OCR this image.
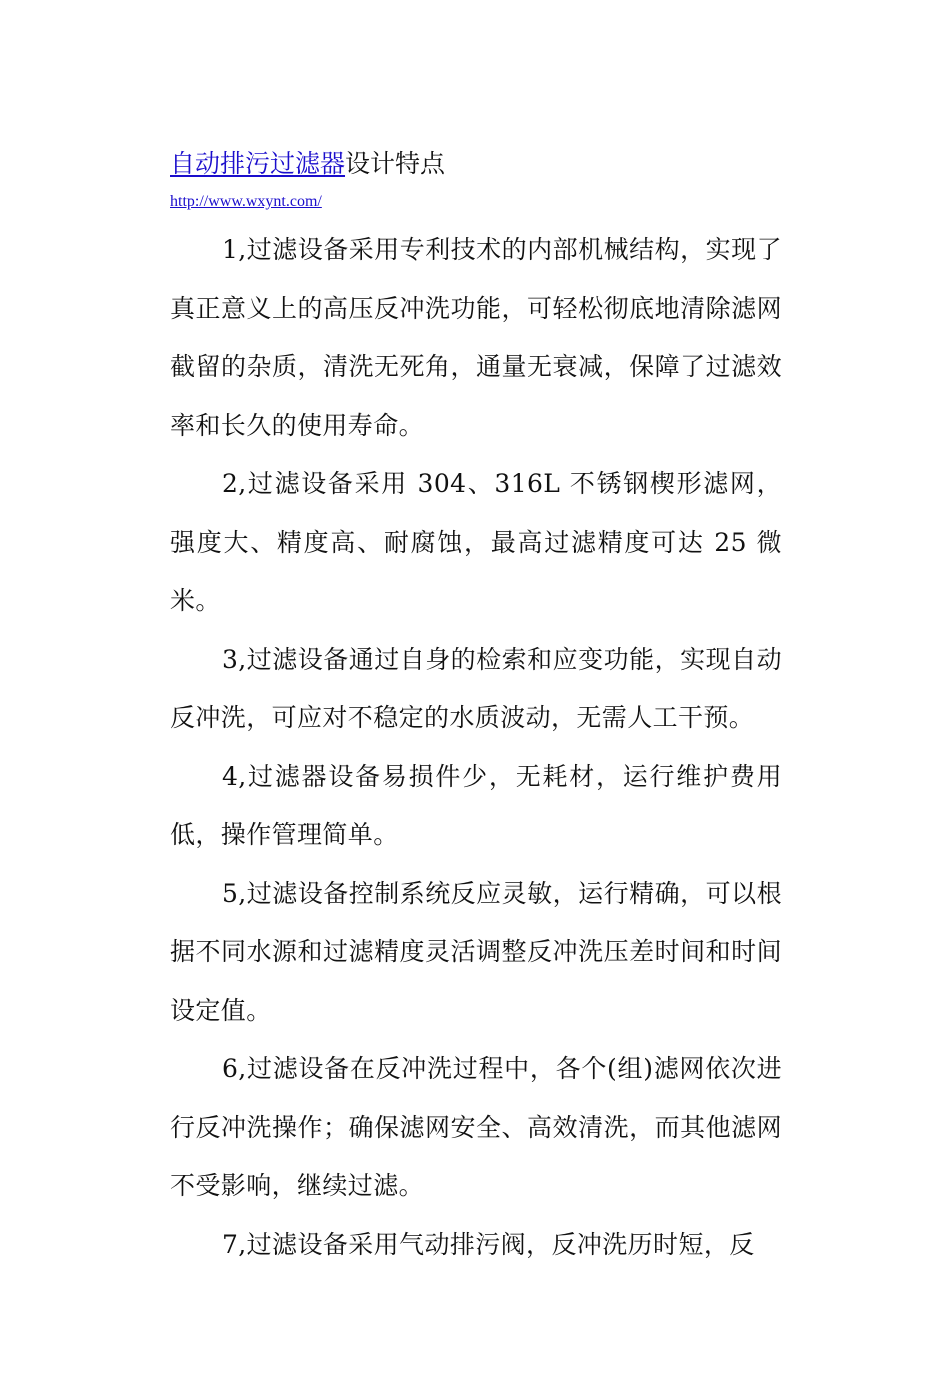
自动排污过滤器设计特点
http://www.wxynt.com/

1,过滤设备采用专利技术的内部机械结构，实现了真正意义上的高压反冲洗功能，可轻松彻底地清除滤网截留的杂质，清洗无死角，通量无衰减，保障了过滤效率和长久的使用寿命。

2,过滤设备采用 304、316L 不锈钢楔形滤网，强度大、精度高、耐腐蚀，最高过滤精度可达 25 微米。

3,过滤设备通过自身的检索和应变功能，实现自动反冲洗，可应对不稳定的水质波动，无需人工干预。

4,过滤器设备易损件少，无耗材，运行维护费用低，操作管理简单。

5,过滤设备控制系统反应灵敏，运行精确，可以根据不同水源和过滤精度灵活调整反冲洗压差时间和时间设定值。

6,过滤设备在反冲洗过程中，各个(组)滤网依次进行反冲洗操作；确保滤网安全、高效清洗，而其他滤网不受影响，继续过滤。

7,过滤设备采用气动排污阀，反冲洗历时短，反
